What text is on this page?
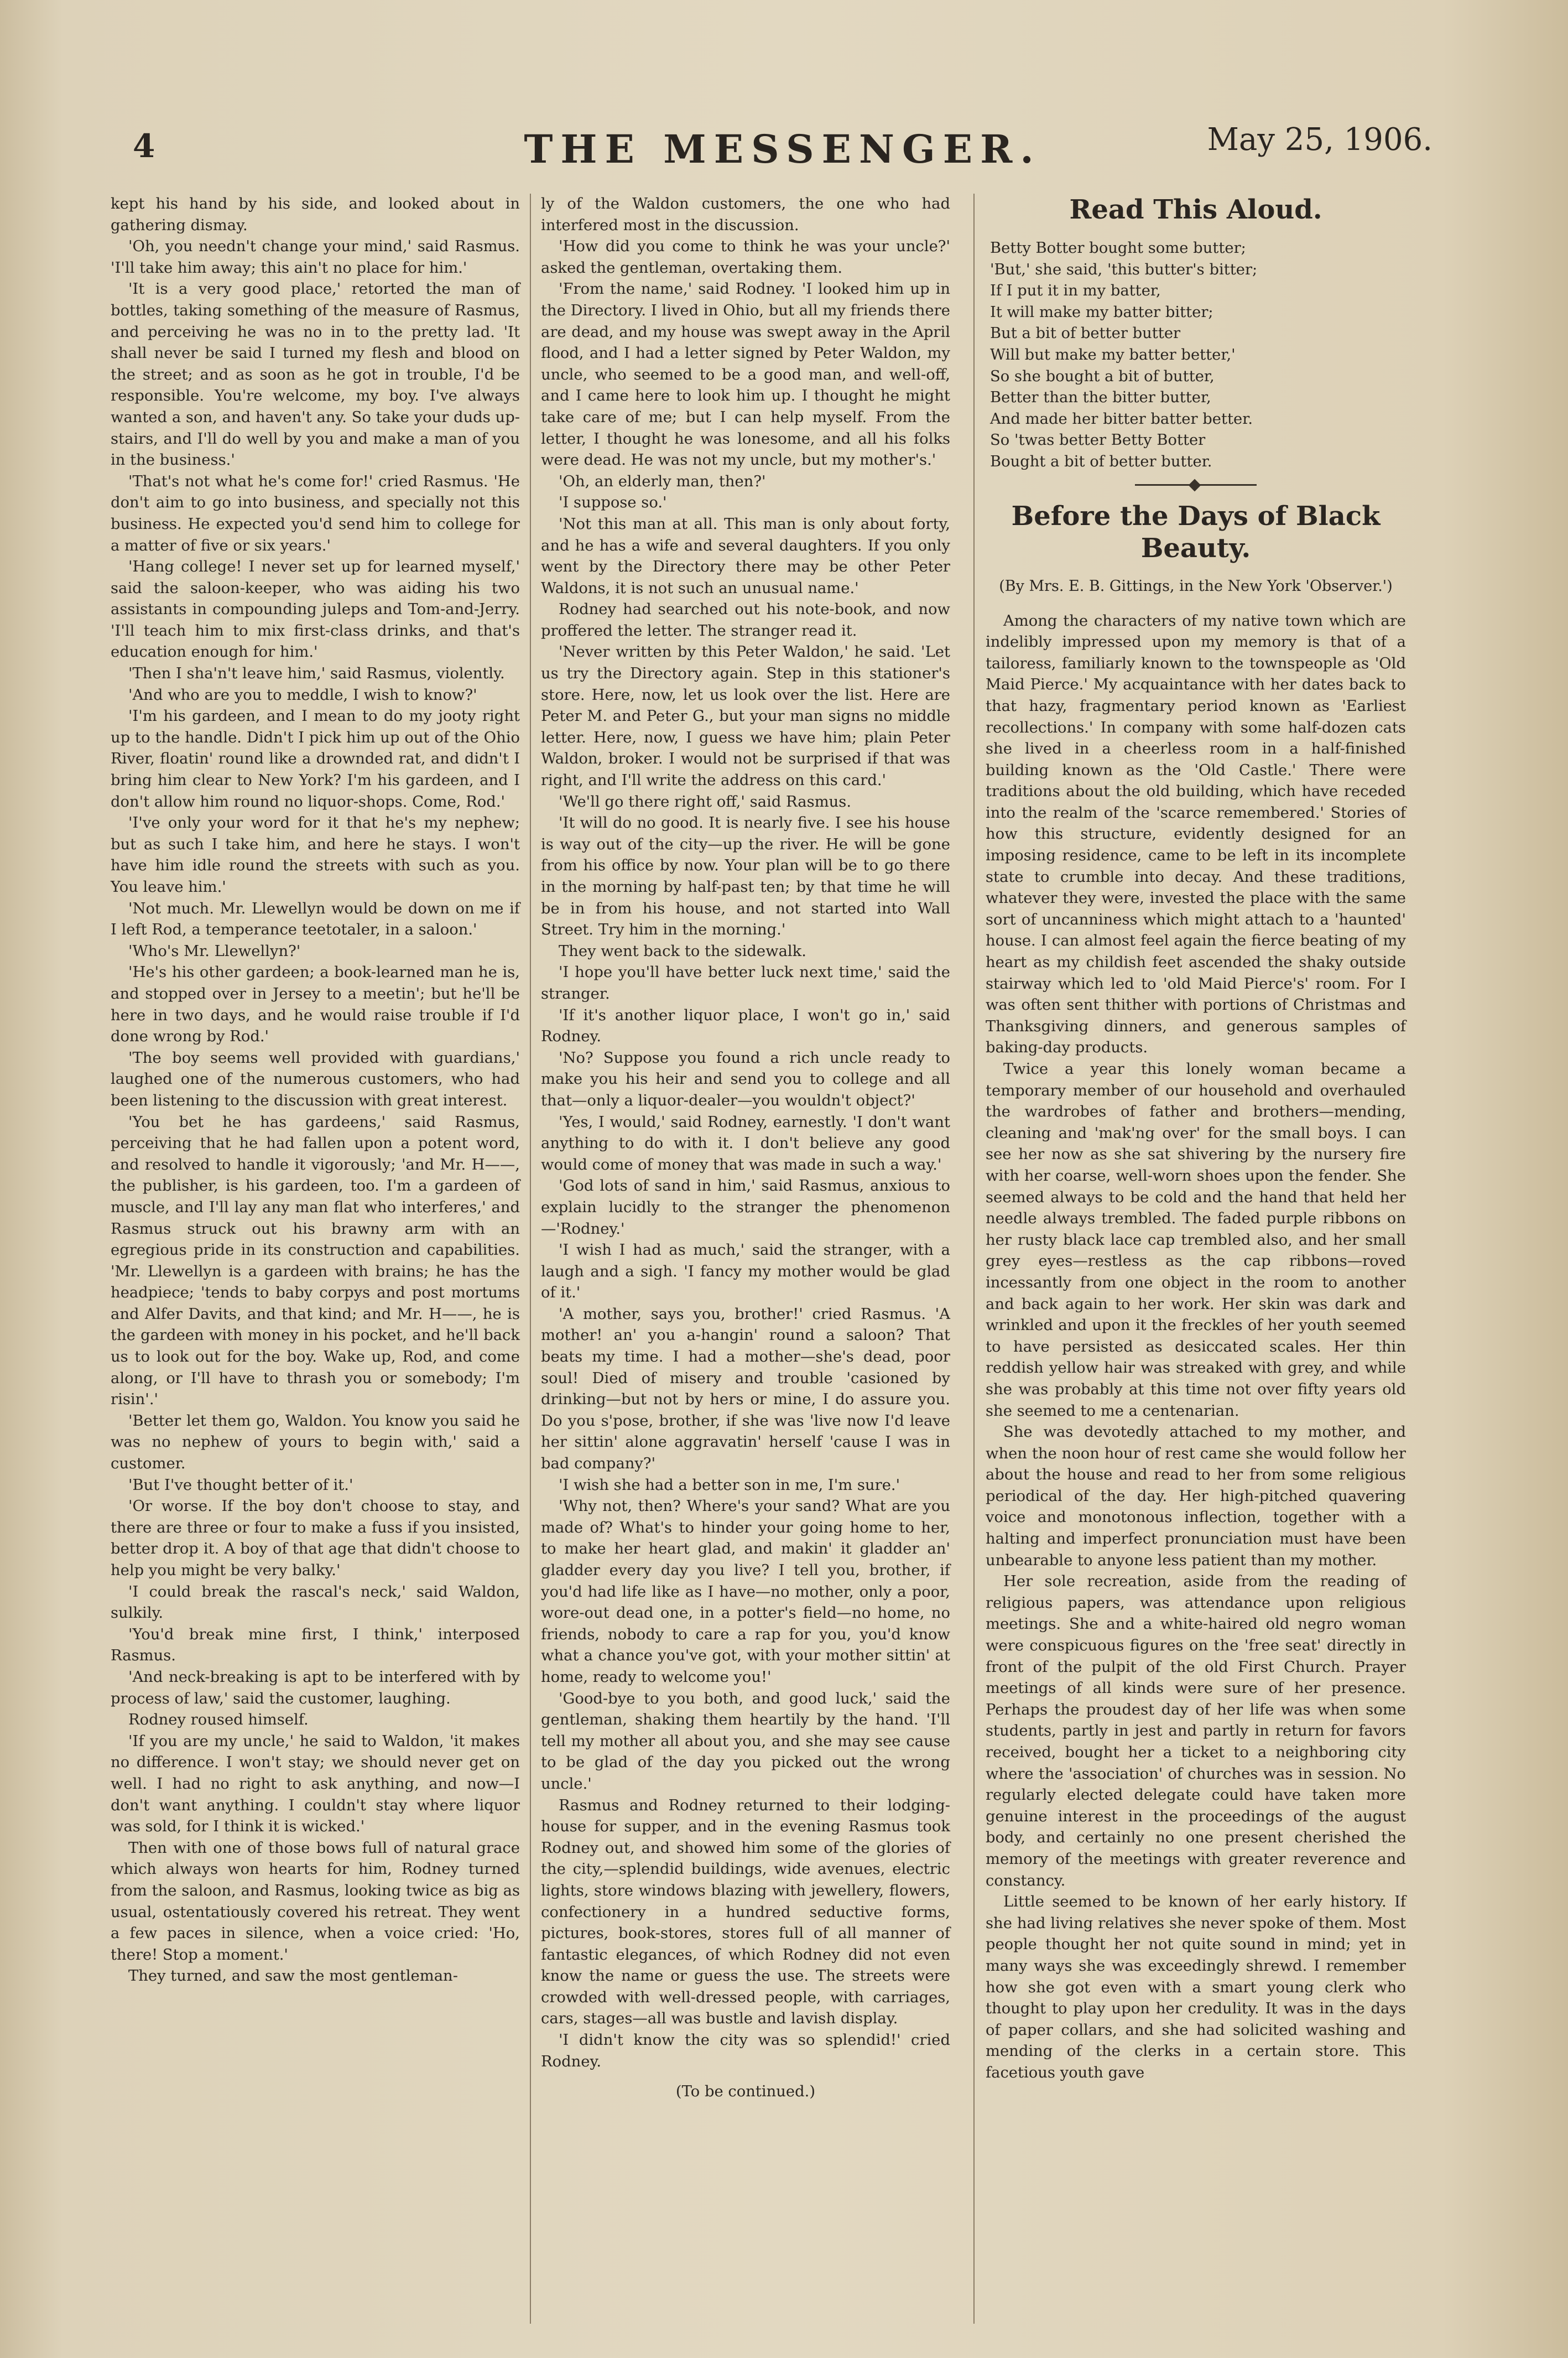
4	THE MESSENGER.	May 25, 1906.

kept his hand by his side, and looked about in gathering dismay.

'Oh, you needn't change your mind,' said Rasmus. 'I'll take him away; this ain't no place for him.'

'It is a very good place,' retorted the man of bottles, taking something of the measure of Rasmus, and perceiving he was no in to the pretty lad. 'It shall never be said I turned my flesh and blood on the street; and as soon as he got in trouble, I'd be responsible. You're welcome, my boy. I've always wanted a son, and haven't any. So take your duds up-stairs, and I'll do well by you and make a man of you in the business.'

'That's not what he's come for!' cried Rasmus. 'He don't aim to go into business, and specially not this business. He expected you'd send him to college for a matter of five or six years.'

'Hang college! I never set up for learned myself,' said the saloon-keeper, who was aiding his two assistants in compounding juleps and Tom-and-Jerry. 'I'll teach him to mix first-class drinks, and that's education enough for him.'

'Then I sha'n't leave him,' said Rasmus, violently.

'And who are you to meddle, I wish to know?'

'I'm his gardeen, and I mean to do my jooty right up to the handle. Didn't I pick him up out of the Ohio River, floatin' round like a drownded rat, and didn't I bring him clear to New York? I'm his gardeen, and I don't allow him round no liquor-shops. Come, Rod.'

'I've only your word for it that he's my nephew; but as such I take him, and here he stays. I won't have him idle round the streets with such as you. You leave him.'

'Not much. Mr. Llewellyn would be down on me if I left Rod, a temperance teetotaler, in a saloon.'

'Who's Mr. Llewellyn?'

'He's his other gardeen; a book-learned man he is, and stopped over in Jersey to a meetin'; but he'll be here in two days, and he would raise trouble if I'd done wrong by Rod.'

'The boy seems well provided with guardians,' laughed one of the numerous customers, who had been listening to the discussion with great interest.

'You bet he has gardeens,' said Rasmus, perceiving that he had fallen upon a potent word, and resolved to handle it vigorously; 'and Mr. H——, the publisher, is his gardeen, too. I'm a gardeen of muscle, and I'll lay any man flat who interferes,' and Rasmus struck out his brawny arm with an egregious pride in its construction and capabilities. 'Mr. Llewellyn is a gardeen with brains; he has the headpiece; 'tends to baby corpys and post mortums and Alfer Davits, and that kind; and Mr. H——, he is the gardeen with money in his pocket, and he'll back us to look out for the boy. Wake up, Rod, and come along, or I'll have to thrash you or somebody; I'm risin'.'

'Better let them go, Waldon. You know you said he was no nephew of yours to begin with,' said a customer.

'But I've thought better of it.'

'Or worse. If the boy don't choose to stay, and there are three or four to make a fuss if you insisted, better drop it. A boy of that age that didn't choose to help you might be very balky.'

'I could break the rascal's neck,' said Waldon, sulkily.

'You'd break mine first, I think,' interposed Rasmus.

'And neck-breaking is apt to be interfered with by process of law,' said the customer, laughing.

Rodney roused himself.

'If you are my uncle,' he said to Waldon, 'it makes no difference. I won't stay; we should never get on well. I had no right to ask anything, and now—I don't want anything. I couldn't stay where liquor was sold, for I think it is wicked.'

Then with one of those bows full of natural grace which always won hearts for him, Rodney turned from the saloon, and Rasmus, looking twice as big as usual, ostentatiously covered his retreat. They went a few paces in silence, when a voice cried: 'Ho, there! Stop a moment.'

They turned, and saw the most gentleman-

ly of the Waldon customers, the one who had interfered most in the discussion.

'How did you come to think he was your uncle?' asked the gentleman, overtaking them.

'From the name,' said Rodney. 'I looked him up in the Directory. I lived in Ohio, but all my friends there are dead, and my house was swept away in the April flood, and I had a letter signed by Peter Waldon, my uncle, who seemed to be a good man, and well-off, and I came here to look him up. I thought he might take care of me; but I can help myself. From the letter, I thought he was lonesome, and all his folks were dead. He was not my uncle, but my mother's.'

'Oh, an elderly man, then?'

'I suppose so.'

'Not this man at all. This man is only about forty, and he has a wife and several daughters. If you only went by the Directory there may be other Peter Waldons, it is not such an unusual name.'

Rodney had searched out his note-book, and now proffered the letter. The stranger read it.

'Never written by this Peter Waldon,' he said. 'Let us try the Directory again. Step in this stationer's store. Here, now, let us look over the list. Here are Peter M. and Peter G., but your man signs no middle letter. Here, now, I guess we have him; plain Peter Waldon, broker. I would not be surprised if that was right, and I'll write the address on this card.'

'We'll go there right off,' said Rasmus.

'It will do no good. It is nearly five. I see his house is way out of the city—up the river. He will be gone from his office by now. Your plan will be to go there in the morning by half-past ten; by that time he will be in from his house, and not started into Wall Street. Try him in the morning.'

They went back to the sidewalk.

'I hope you'll have better luck next time,' said the stranger.

'If it's another liquor place, I won't go in,' said Rodney.

'No? Suppose you found a rich uncle ready to make you his heir and send you to college and all that—only a liquor-dealer—you wouldn't object?'

'Yes, I would,' said Rodney, earnestly. 'I don't want anything to do with it. I don't believe any good would come of money that was made in such a way.'

'God lots of sand in him,' said Rasmus, anxious to explain lucidly to the stranger the phenomenon—'Rodney.'

'I wish I had as much,' said the stranger, with a laugh and a sigh. 'I fancy my mother would be glad of it.'

'A mother, says you, brother!' cried Rasmus. 'A mother! an' you a-hangin' round a saloon? That beats my time. I had a mother—she's dead, poor soul! Died of misery and trouble 'casioned by drinking—but not by hers or mine, I do assure you. Do you s'pose, brother, if she was 'live now I'd leave her sittin' alone aggravatin' herself 'cause I was in bad company?'

'I wish she had a better son in me, I'm sure.'

'Why not, then? Where's your sand? What are you made of? What's to hinder your going home to her, to make her heart glad, and makin' it gladder an' gladder every day you live? I tell you, brother, if you'd had life like as I have—no mother, only a poor, wore-out dead one, in a potter's field—no home, no friends, nobody to care a rap for you, you'd know what a chance you've got, with your mother sittin' at home, ready to welcome you!'

'Good-bye to you both, and good luck,' said the gentleman, shaking them heartily by the hand. 'I'll tell my mother all about you, and she may see cause to be glad of the day you picked out the wrong uncle.'

Rasmus and Rodney returned to their lodging-house for supper, and in the evening Rasmus took Rodney out, and showed him some of the glories of the city,—splendid buildings, wide avenues, electric lights, store windows blazing with jewellery, flowers, confectionery in a hundred seductive forms, pictures, book-stores, stores full of all manner of fantastic elegances, of which Rodney did not even know the name or guess the use. The streets were crowded with well-dressed people, with carriages, cars, stages—all was bustle and lavish display.

'I didn't know the city was so splendid!' cried Rodney.

(To be continued.)
Read This Aloud.
Betty Botter bought some butter;
'But,' she said, 'this butter's bitter;
If I put it in my batter,
It will make my batter bitter;
But a bit of better butter
Will but make my batter better,'
So she bought a bit of butter,
Better than the bitter butter,
And made her bitter batter better.
So 'twas better Betty Botter
Bought a bit of better butter.
Before the Days of Black Beauty.
(By Mrs. E. B. Gittings, in the New York 'Observer.')

Among the characters of my native town which are indelibly impressed upon my memory is that of a tailoress, familiarly known to the townspeople as 'Old Maid Pierce.' My acquaintance with her dates back to that hazy, fragmentary period known as 'Earliest recollections.' In company with some half-dozen cats she lived in a cheerless room in a half-finished building known as the 'Old Castle.' There were traditions about the old building, which have receded into the realm of the 'scarce remembered.' Stories of how this structure, evidently designed for an imposing residence, came to be left in its incomplete state to crumble into decay. And these traditions, whatever they were, invested the place with the same sort of uncanniness which might attach to a 'haunted' house. I can almost feel again the fierce beating of my heart as my childish feet ascended the shaky outside stairway which led to 'old Maid Pierce's' room. For I was often sent thither with portions of Christmas and Thanksgiving dinners, and generous samples of baking-day products.

Twice a year this lonely woman became a temporary member of our household and overhauled the wardrobes of father and brothers—mending, cleaning and 'mak'ng over' for the small boys. I can see her now as she sat shivering by the nursery fire with her coarse, well-worn shoes upon the fender. She seemed always to be cold and the hand that held her needle always trembled. The faded purple ribbons on her rusty black lace cap trembled also, and her small grey eyes—restless as the cap ribbons—roved incessantly from one object in the room to another and back again to her work. Her skin was dark and wrinkled and upon it the freckles of her youth seemed to have persisted as desiccated scales. Her thin reddish yellow hair was streaked with grey, and while she was probably at this time not over fifty years old she seemed to me a centenarian.

She was devotedly attached to my mother, and when the noon hour of rest came she would follow her about the house and read to her from some religious periodical of the day. Her high-pitched quavering voice and monotonous inflection, together with a halting and imperfect pronunciation must have been unbearable to anyone less patient than my mother.

Her sole recreation, aside from the reading of religious papers, was attendance upon religious meetings. She and a white-haired old negro woman were conspicuous figures on the 'free seat' directly in front of the pulpit of the old First Church. Prayer meetings of all kinds were sure of her presence. Perhaps the proudest day of her life was when some students, partly in jest and partly in return for favors received, bought her a ticket to a neighboring city where the 'association' of churches was in session. No regularly elected delegate could have taken more genuine interest in the proceedings of the august body, and certainly no one present cherished the memory of the meetings with greater reverence and constancy.

Little seemed to be known of her early history. If she had living relatives she never spoke of them. Most people thought her not quite sound in mind; yet in many ways she was exceedingly shrewd. I remember how she got even with a smart young clerk who thought to play upon her credulity. It was in the days of paper collars, and she had solicited washing and mending of the clerks in a certain store. This facetious youth gave
